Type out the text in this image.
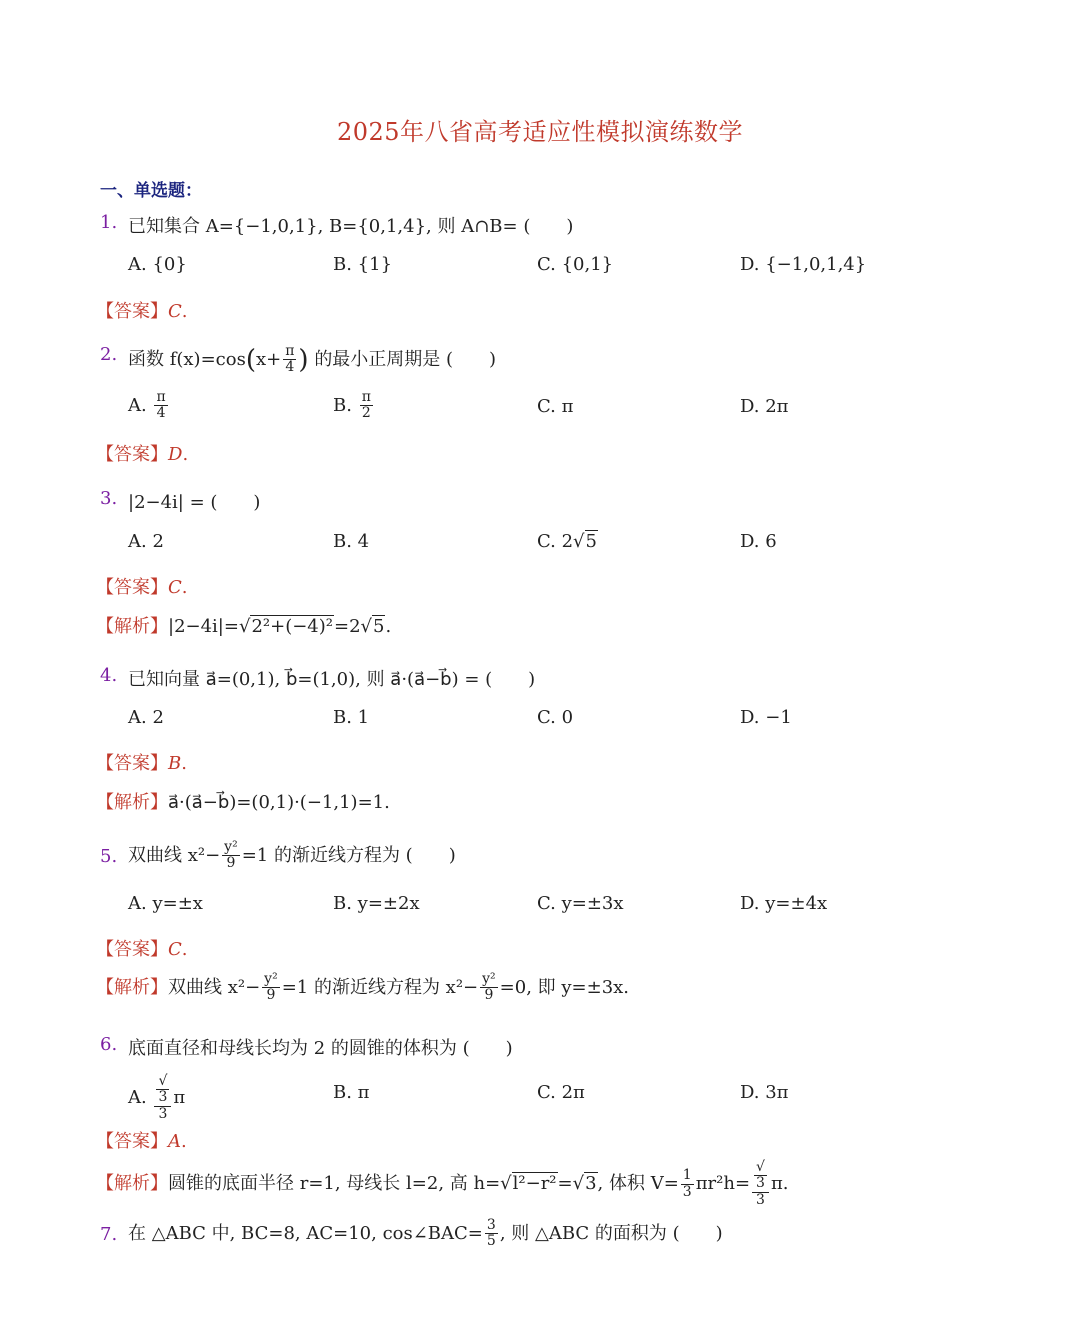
2025年八省高考适应性模拟演练数学
一、单选题：
1. 已知集合 A={−1,0,1}, B={0,1,4}, 则 A∩B= (　　)
A. {0}	B. {1}	C. {0,1}	D. {−1,0,1,4}
【答案】C.
2. 函数 $f(x)=\cos(x+ \frac{\pi}{4}$ ) 的最小正周期是 (　　)
A. $\frac{\pi}{4}$	B. $\frac{\pi}{2}$	C. π	D. 2π
【答案】D.
3. |2−4i| = (　　)
A. 2	B. 4	C. 2√5	D. 6
【答案】C.
【解析】|2−4i|=√2²+(−4)²=2√5.
4. 已知向量 a⃗=(0,1), b⃗=(1,0), 则 a⃗·(a⃗−b⃗) = (　　)
A. 2	B. 1	C. 0	D. −1
【答案】B.
【解析】a⃗·(a⃗−b⃗)=(0,1)·(−1,1)=1.
5. 双曲线 $x^2- \frac{\text{y²}}{9} =1$ 的渐近线方程为 (　　)
A. y=±x	B. y=±2x	C. y=±3x	D. y=±4x
【答案】C.
【解析】双曲线 $x^2- \frac{\text{y²}}{9} =1$ 的渐近线方程为 $x^2- \frac{\text{y²}}{9} =0$, 即 y=±3x.
6. 底面直径和母线长均为 2 的圆锥的体积为 (　　)
A. √
3
3 π	B. π	C. 2π	D. 3π
【答案】A.
【解析】圆锥的底面半径 r=1, 母线长 l=2, 高 h=√l²−r²=√3, 体积 $V= \frac{1}{3} \pi r^2h=$ √
3
3 π.
7. 在 △ABC 中, BC=8, AC=10, cos∠BAC= $\frac{3}{5}$ , 则 △ABC 的面积为 (　　)
